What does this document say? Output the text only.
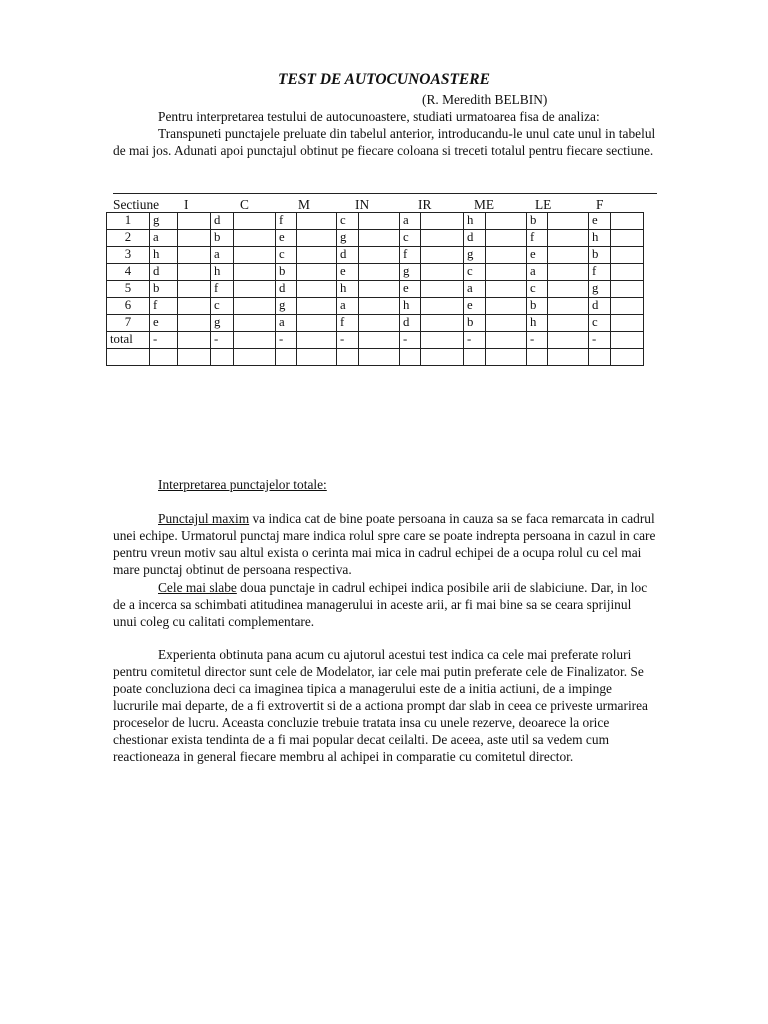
TEST DE AUTOCUNOASTERE
(R. Meredith BELBIN)
Pentru interpretarea testului de autocunoastere, studiati urmatoarea fisa de analiza:
Transpuneti punctajele preluate din tabelul anterior, introducandu-le unul cate unul in tabelul de mai jos. Adunati apoi punctajul obtinut pe fiecare coloana si treceti totalul pentru fiecare sectiune.
Sectiune I	C	M	IN	IR	ME	LE	F
1	g		d		f		c		a		h		b		e	
2	a		b		e		g		c		d		f		h	
3	h		a		c		d		f		g		e		b	
4	d		h		b		e		g		c		a		f	
5	b		f		d		h		e		a		c		g	
6	f		c		g		a		h		e		b		d	
7	e		g		a		f		d		b		h		c	
total	-		-		-		-		-		-		-		-	

Interpretarea punctajelor totale:
Punctajul maxim va indica cat de bine poate persoana in cauza sa se faca remarcata in cadrul unei echipe. Urmatorul punctaj mare indica rolul spre care se poate indrepta persoana in cazul in care pentru vreun motiv sau altul exista o cerinta mai mica in cadrul echipei de a ocupa rolul cu cel mai mare punctaj obtinut de persoana respectiva.
Cele mai slabe doua punctaje in cadrul echipei indica posibile arii de slabiciune. Dar, in loc de a incerca sa schimbati atitudinea managerului in aceste arii, ar fi mai bine sa se ceara sprijinul unui coleg cu calitati complementare.
Experienta obtinuta pana acum cu ajutorul acestui test indica ca cele mai preferate roluri pentru comitetul director sunt cele de Modelator, iar cele mai putin preferate cele de Finalizator. Se poate concluziona deci ca imaginea tipica a managerului este de a initia actiuni, de a impinge lucrurile mai departe, de a fi extrovertit si de a actiona prompt dar slab in ceea ce priveste urmarirea proceselor de lucru. Aceasta concluzie trebuie tratata insa cu unele rezerve, deoarece la orice chestionar exista tendinta de a fi mai popular decat ceilalti. De aceea, aste util sa vedem cum reactioneaza in general fiecare membru al achipei in comparatie cu comitetul director.
